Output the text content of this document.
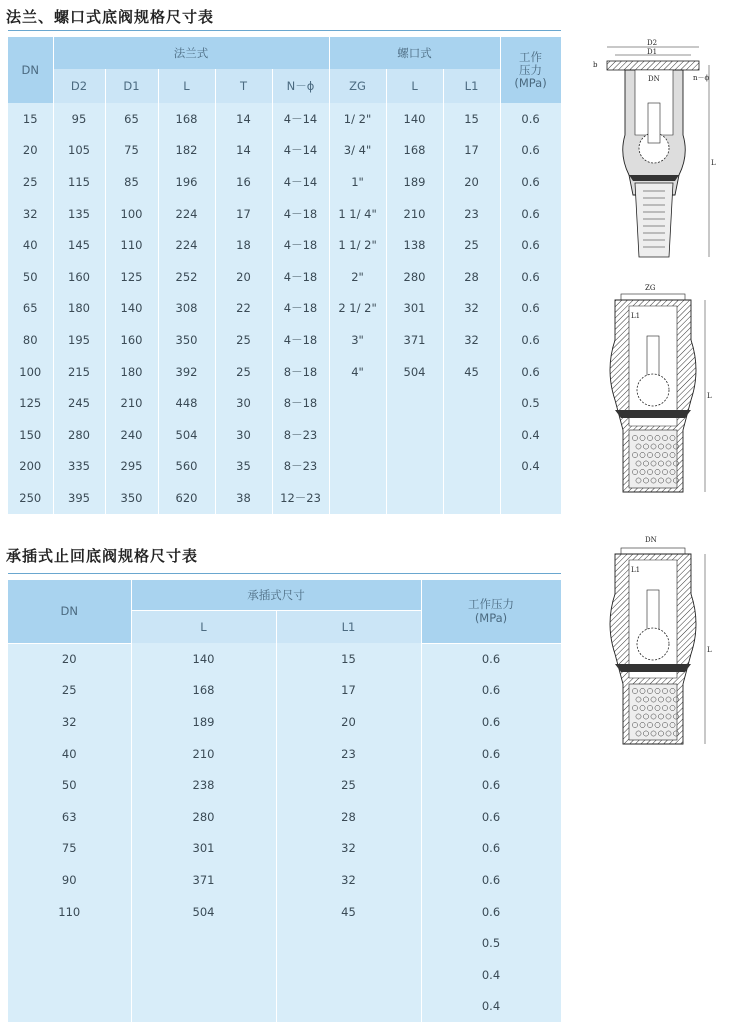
法兰、螺口式底阀规格尺寸表
DN	法兰式					螺口式			工作压力
(MPa)
	D2	D1	L	T	N－ϕ	ZG	L	L1	
15	95	65	168	14	4－14	1/ 2"	140	15	0.6
20	105	75	182	14	4－14	3/ 4"	168	17	0.6
25	115	85	196	16	4－14	1"	189	20	0.6
32	135	100	224	17	4－18	1 1/ 4"	210	23	0.6
40	145	110	224	18	4－18	1 1/ 2"	138	25	0.6
50	160	125	252	20	4－18	2"	280	28	0.6
65	180	140	308	22	4－18	2 1/ 2"	301	32	0.6
80	195	160	350	25	4－18	3"	371	32	0.6
100	215	180	392	25	8－18	4"	504	45	0.6
125	245	210	448	30	8－18				0.5
150	280	240	504	30	8－23				0.4
200	335	295	560	35	8－23				0.4
250	395	350	620	38	12－23				
承插式止回底阀规格尺寸表
DN	承插式尺寸		工作压力
(MPa)
	L	L1	
20	140	15	0.6
25	168	17	0.6
32	189	20	0.6
40	210	23	0.6
50	238	25	0.6
63	280	28	0.6
75	301	32	0.6
90	371	32	0.6
110	504	45	0.6
			0.5
			0.4
			0.4
D2
D1
DN
b
n－ϕ
L
ZG
L1
L
DN
L1
L
